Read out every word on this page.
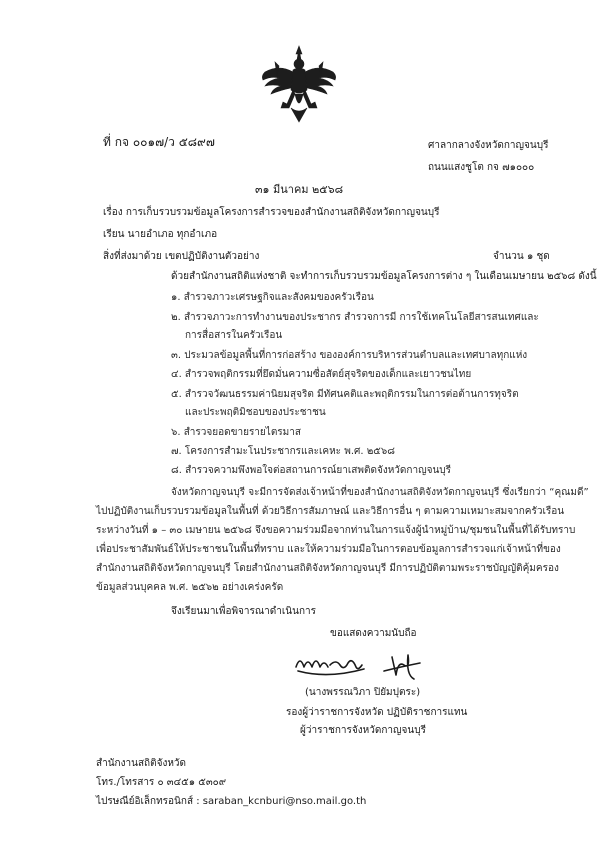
ที่ กจ ๐๐๑๗/ว ๕๘๙๗	ศาลากลางจังหวัดกาญจนบุรี
ถนนแสงชูโต กจ ๗๑๐๐๐
๓๑ มีนาคม ๒๕๖๘
เรื่อง การเก็บรวบรวมข้อมูลโครงการสำรวจของสำนักงานสถิติจังหวัดกาญจนบุรี
เรียน นายอำเภอ ทุกอำเภอ
สิ่งที่ส่งมาด้วย เขตปฏิบัติงานตัวอย่าง	จำนวน ๑ ชุด
ด้วยสำนักงานสถิติแห่งชาติ จะทำการเก็บรวบรวมข้อมูลโครงการต่าง ๆ ในเดือนเมษายน ๒๕๖๘ ดังนี้
๑. สำรวจภาวะเศรษฐกิจและสังคมของครัวเรือน
๒. สำรวจภาวะการทำงานของประชากร สำรวจการมี การใช้เทคโนโลยีสารสนเทศและ
การสื่อสารในครัวเรือน
๓. ประมวลข้อมูลพื้นที่การก่อสร้าง ขององค์การบริหารส่วนตำบลและเทศบาลทุกแห่ง
๔. สำรวจพฤติกรรมที่ยึดมั่นความซื่อสัตย์สุจริตของเด็กและเยาวชนไทย
๕. สำรวจวัฒนธรรมค่านิยมสุจริต มีทัศนคติและพฤติกรรมในการต่อต้านการทุจริต
และประพฤติมิชอบของประชาชน
๖. สำรวจยอดขายรายไตรมาส
๗. โครงการสำมะโนประชากรและเคหะ พ.ศ. ๒๕๖๘
๘. สำรวจความพึงพอใจต่อสถานการณ์ยาเสพติดจังหวัดกาญจนบุรี
จังหวัดกาญจนบุรี จะมีการจัดส่งเจ้าหน้าที่ของสำนักงานสถิติจังหวัดกาญจนบุรี ซึ่งเรียกว่า “คุณมดี”
ไปปฏิบัติงานเก็บรวบรวมข้อมูลในพื้นที่ ด้วยวิธีการสัมภาษณ์ และวิธีการอื่น ๆ ตามความเหมาะสมจากครัวเรือน
ระหว่างวันที่ ๑ – ๓๐ เมษายน ๒๕๖๘ จึงขอความร่วมมือจากท่านในการแจ้งผู้นำหมู่บ้าน/ชุมชนในพื้นที่ได้รับทราบ
เพื่อประชาสัมพันธ์ให้ประชาชนในพื้นที่ทราบ และให้ความร่วมมือในการตอบข้อมูลการสำรวจแก่เจ้าหน้าที่ของ
สำนักงานสถิติจังหวัดกาญจนบุรี โดยสำนักงานสถิติจังหวัดกาญจนบุรี มีการปฏิบัติตามพระราชบัญญัติคุ้มครอง
ข้อมูลส่วนบุคคล พ.ศ. ๒๕๖๒ อย่างเคร่งครัด
จึงเรียนมาเพื่อพิจารณาดำเนินการ
ขอแสดงความนับถือ
(นางพรรณวิภา ปิยัมปุตระ)
รองผู้ว่าราชการจังหวัด ปฏิบัติราชการแทน
ผู้ว่าราชการจังหวัดกาญจนบุรี
สำนักงานสถิติจังหวัด
โทร./โทรสาร ๐ ๓๔๕๑ ๕๓๐๙
ไปรษณีย์อิเล็กทรอนิกส์ : saraban_kcnburi@nso.mail.go.th
